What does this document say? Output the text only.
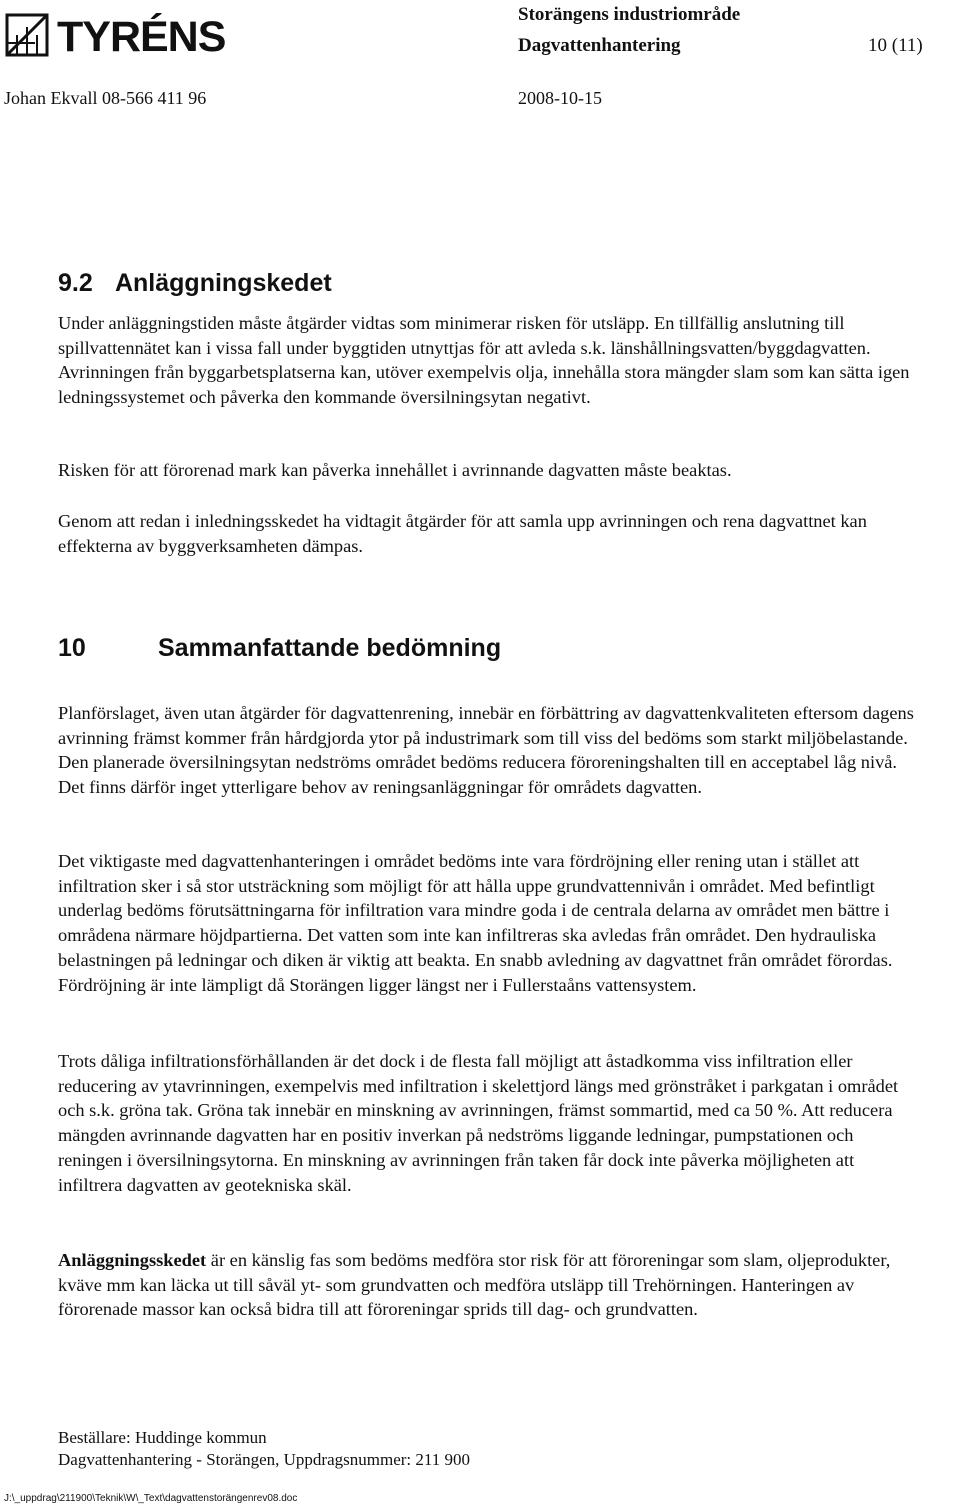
TYRÉNS	Storängens industriområde
Dagvattenhantering	10 (11)
Johan Ekvall 08-566 411 96	2008-10-15
9.2 Anläggningskedet

Under anläggningstiden måste åtgärder vidtas som minimerar risken för utsläpp. En tillfällig anslutning till spillvattennätet kan i vissa fall under byggtiden utnyttjas för att avleda s.k. länshållningsvatten/byggdagvatten. Avrinningen från byggarbetsplatserna kan, utöver exempelvis olja, innehålla stora mängder slam som kan sätta igen ledningssystemet och påverka den kommande översilningsytan negativt.

Risken för att förorenad mark kan påverka innehållet i avrinnande dagvatten måste beaktas.

Genom att redan i inledningsskedet ha vidtagit åtgärder för att samla upp avrinningen och rena dagvattnet kan effekterna av byggverksamheten dämpas.

10	Sammanfattande bedömning

Planförslaget, även utan åtgärder för dagvattenrening, innebär en förbättring av dagvattenkvaliteten eftersom dagens avrinning främst kommer från hårdgjorda ytor på industrimark som till viss del bedöms som starkt miljöbelastande. Den planerade översilningsytan nedströms området bedöms reducera föroreningshalten till en acceptabel låg nivå. Det finns därför inget ytterligare behov av reningsanläggningar för områdets dagvatten.

Det viktigaste med dagvattenhanteringen i området bedöms inte vara fördröjning eller rening utan i stället att infiltration sker i så stor utsträckning som möjligt för att hålla uppe grundvattennivån i området. Med befintligt underlag bedöms förutsättningarna för infiltration vara mindre goda i de centrala delarna av området men bättre i områdena närmare höjdpartierna. Det vatten som inte kan infiltreras ska avledas från området. Den hydrauliska belastningen på ledningar och diken är viktig att beakta. En snabb avledning av dagvattnet från området förordas. Fördröjning är inte lämpligt då Storängen ligger längst ner i Fullerstaåns vattensystem.

Trots dåliga infiltrationsförhållanden är det dock i de flesta fall möjligt att åstadkomma viss infiltration eller reducering av ytavrinningen, exempelvis med infiltration i skelettjord längs med grönstråket i parkgatan i området och s.k. gröna tak. Gröna tak innebär en minskning av avrinningen, främst sommartid, med ca 50 %. Att reducera mängden avrinnande dagvatten har en positiv inverkan på nedströms liggande ledningar, pumpstationen och reningen i översilningsytorna. En minskning av avrinningen från taken får dock inte påverka möjligheten att infiltrera dagvatten av geotekniska skäl.

Anläggningsskedet är en känslig fas som bedöms medföra stor risk för att föroreningar som slam, oljeprodukter, kväve mm kan läcka ut till såväl yt- som grundvatten och medföra utsläpp till Trehörningen. Hanteringen av förorenade massor kan också bidra till att föroreningar sprids till dag- och grundvatten.

Beställare: Huddinge kommun
Dagvattenhantering - Storängen, Uppdragsnummer: 211 900
J:\_uppdrag\211900\Teknik\W\_Text\dagvattenstorängenrev08.doc
